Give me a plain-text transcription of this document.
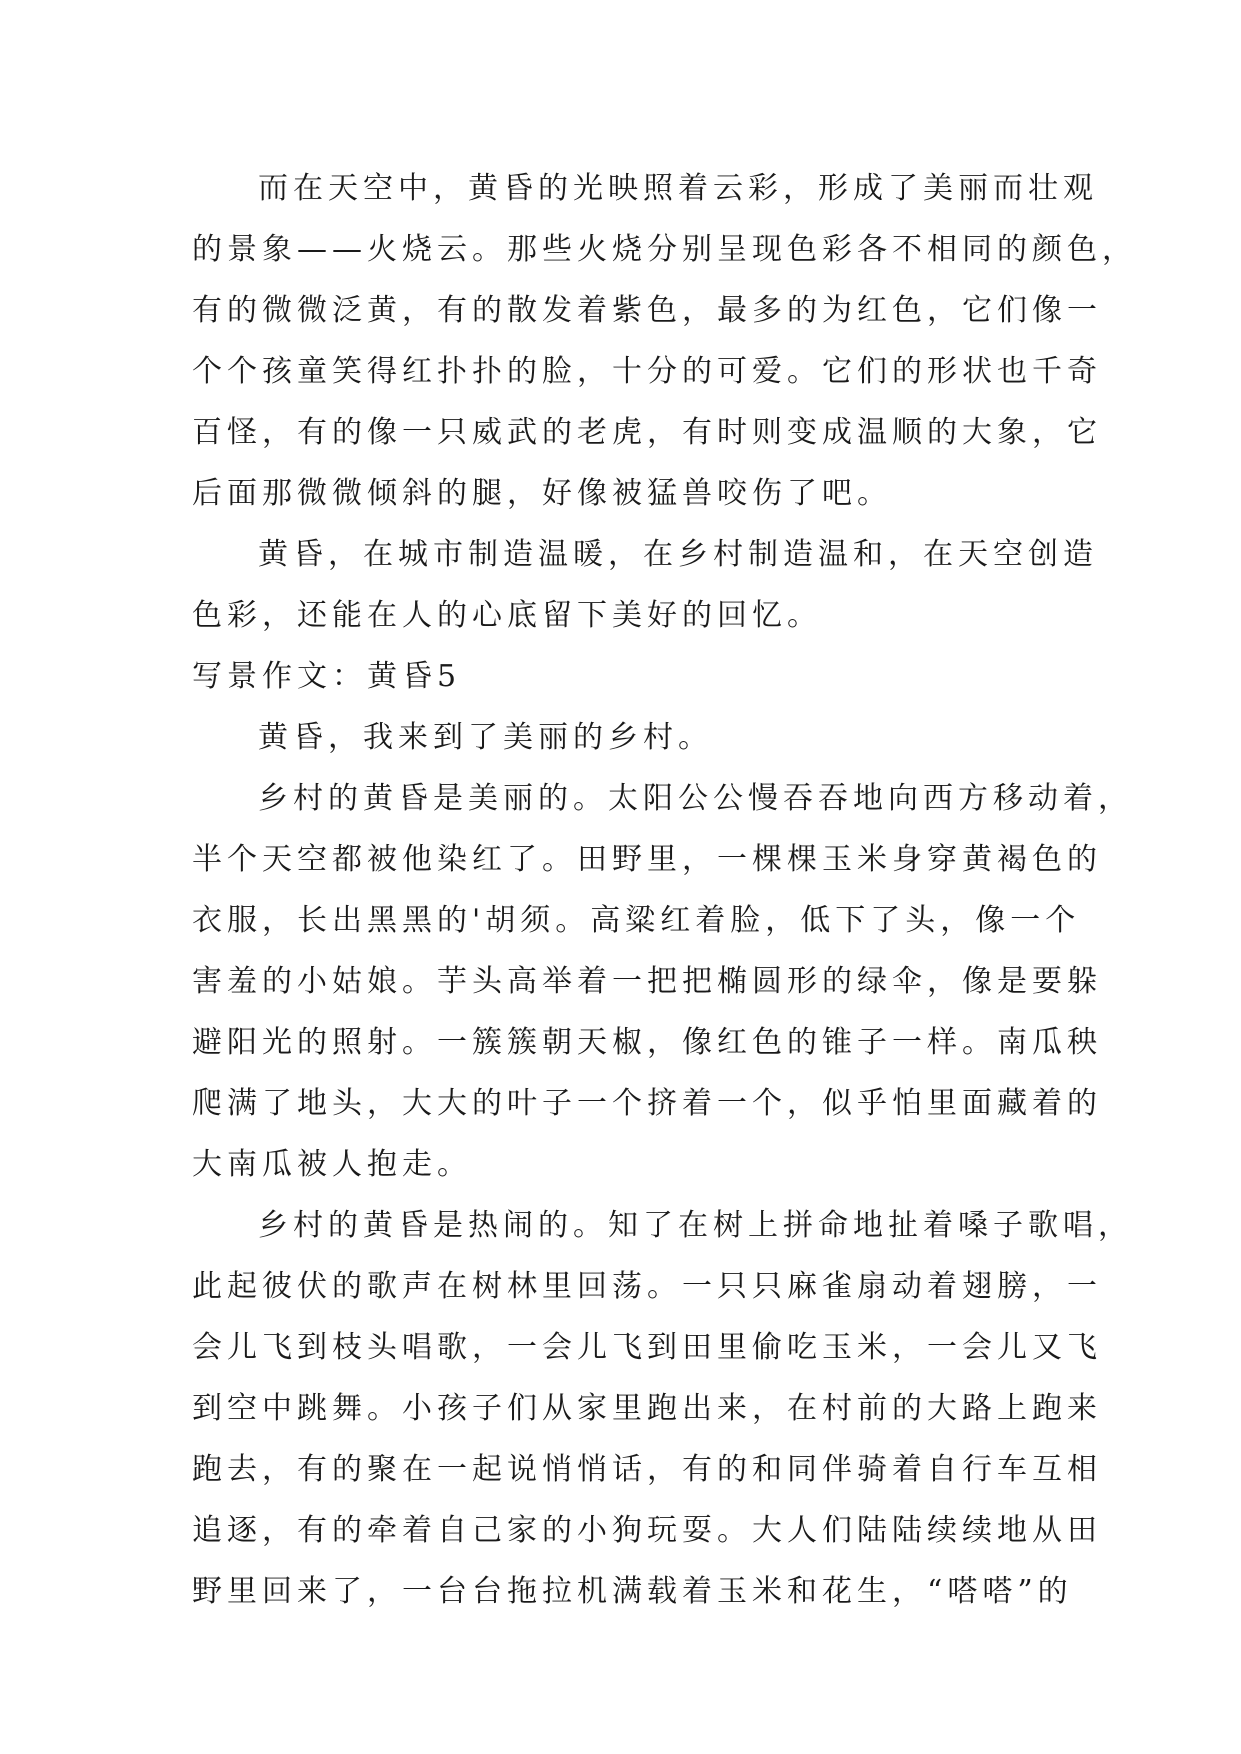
而在天空中，黄昏的光映照着云彩，形成了美丽而壮观
的景象——火烧云。那些火烧分别呈现色彩各不相同的颜色，
有的微微泛黄，有的散发着紫色，最多的为红色，它们像一
个个孩童笑得红扑扑的脸，十分的可爱。它们的形状也千奇
百怪，有的像一只威武的老虎，有时则变成温顺的大象，它
后面那微微倾斜的腿，好像被猛兽咬伤了吧。
黄昏，在城市制造温暖，在乡村制造温和，在天空创造
色彩，还能在人的心底留下美好的回忆。
写景作文：黄昏5
黄昏，我来到了美丽的乡村。
乡村的黄昏是美丽的。太阳公公慢吞吞地向西方移动着，
半个天空都被他染红了。田野里，一棵棵玉米身穿黄褐色的
衣服，长出黑黑的'胡须。高粱红着脸，低下了头，像一个
害羞的小姑娘。芋头高举着一把把椭圆形的绿伞，像是要躲
避阳光的照射。一簇簇朝天椒，像红色的锥子一样。南瓜秧
爬满了地头，大大的叶子一个挤着一个，似乎怕里面藏着的
大南瓜被人抱走。
乡村的黄昏是热闹的。知了在树上拼命地扯着嗓子歌唱，
此起彼伏的歌声在树林里回荡。一只只麻雀扇动着翅膀，一
会儿飞到枝头唱歌，一会儿飞到田里偷吃玉米，一会儿又飞
到空中跳舞。小孩子们从家里跑出来，在村前的大路上跑来
跑去，有的聚在一起说悄悄话，有的和同伴骑着自行车互相
追逐，有的牵着自己家的小狗玩耍。大人们陆陆续续地从田
野里回来了，一台台拖拉机满载着玉米和花生，“嗒嗒”的
